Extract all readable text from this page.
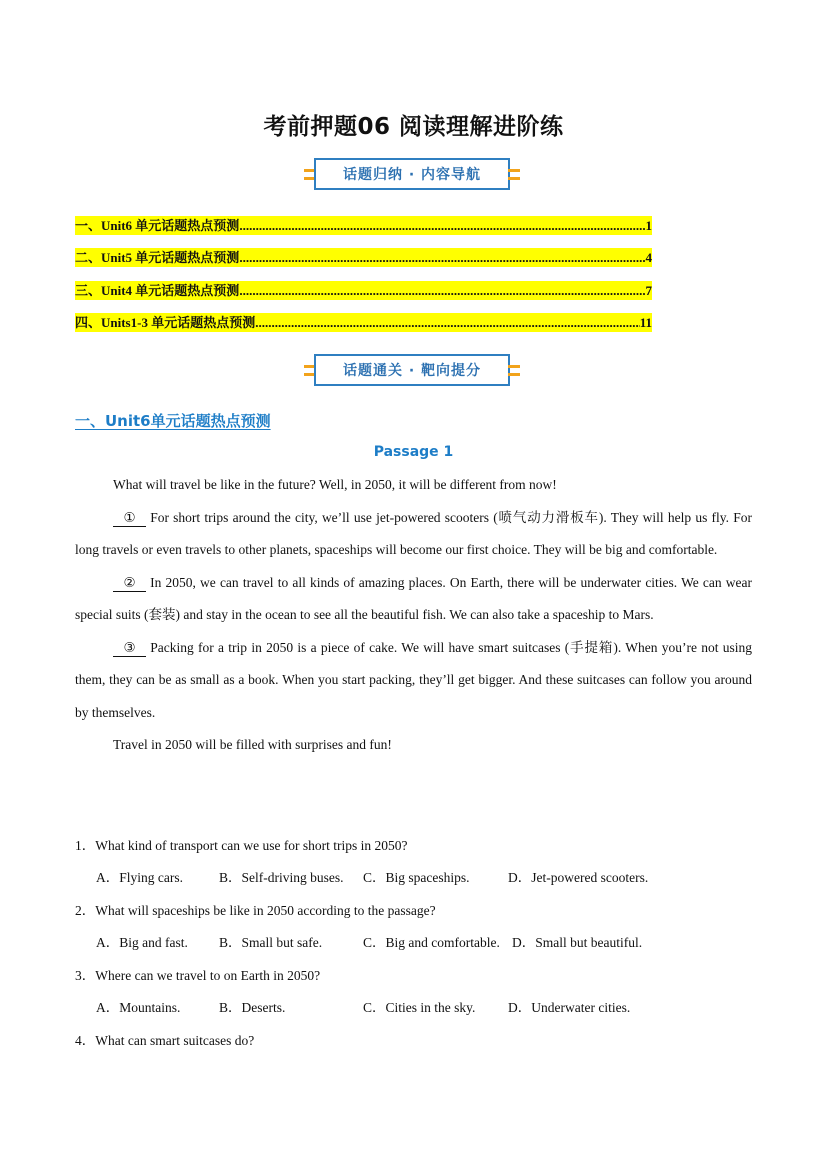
考前押题06 阅读理解进阶练
话题归纳 · 内容导航
一、Unit6 单元话题热点预测 .....	1
二、Unit5 单元话题热点预测 .....	4
三、Unit4 单元话题热点预测 .....	7
四、Units1-3 单元话题热点预测 .....	11
话题通关 · 靶向提分
一、Unit6单元话题热点预测
Passage 1

What will travel be like in the future? Well, in 2050, it will be different from now!

① For short trips around the city, we’ll use jet-powered scooters (喷气动力滑板车). They will help us fly. For long travels or even travels to other planets, spaceships will become our first choice. They will be big and comfortable.

② In 2050, we can travel to all kinds of amazing places. On Earth, there will be underwater cities. We can wear special suits (套装) and stay in the ocean to see all the beautiful fish. We can also take a spaceship to Mars.

③ Packing for a trip in 2050 is a piece of cake. We will have smart suitcases (手提箱). When you’re not using them, they can be as small as a book. When you start packing, they’ll get bigger. And these suitcases can follow you around by themselves.

Travel in 2050 will be filled with surprises and fun!

1．What kind of transport can we use for short trips in 2050?
A．Flying cars.	B．Self-driving buses. C．Big spaceships.	D．Jet-powered scooters.
2．What will spaceships be like in 2050 according to the passage?
A．Big and fast. B．Small but safe.	C．Big and comfortable. D．Small but beautiful.
3．Where can we travel to on Earth in 2050?
A．Mountains.	B．Deserts.	C．Cities in the sky. D．Underwater cities.
4．What can smart suitcases do?
